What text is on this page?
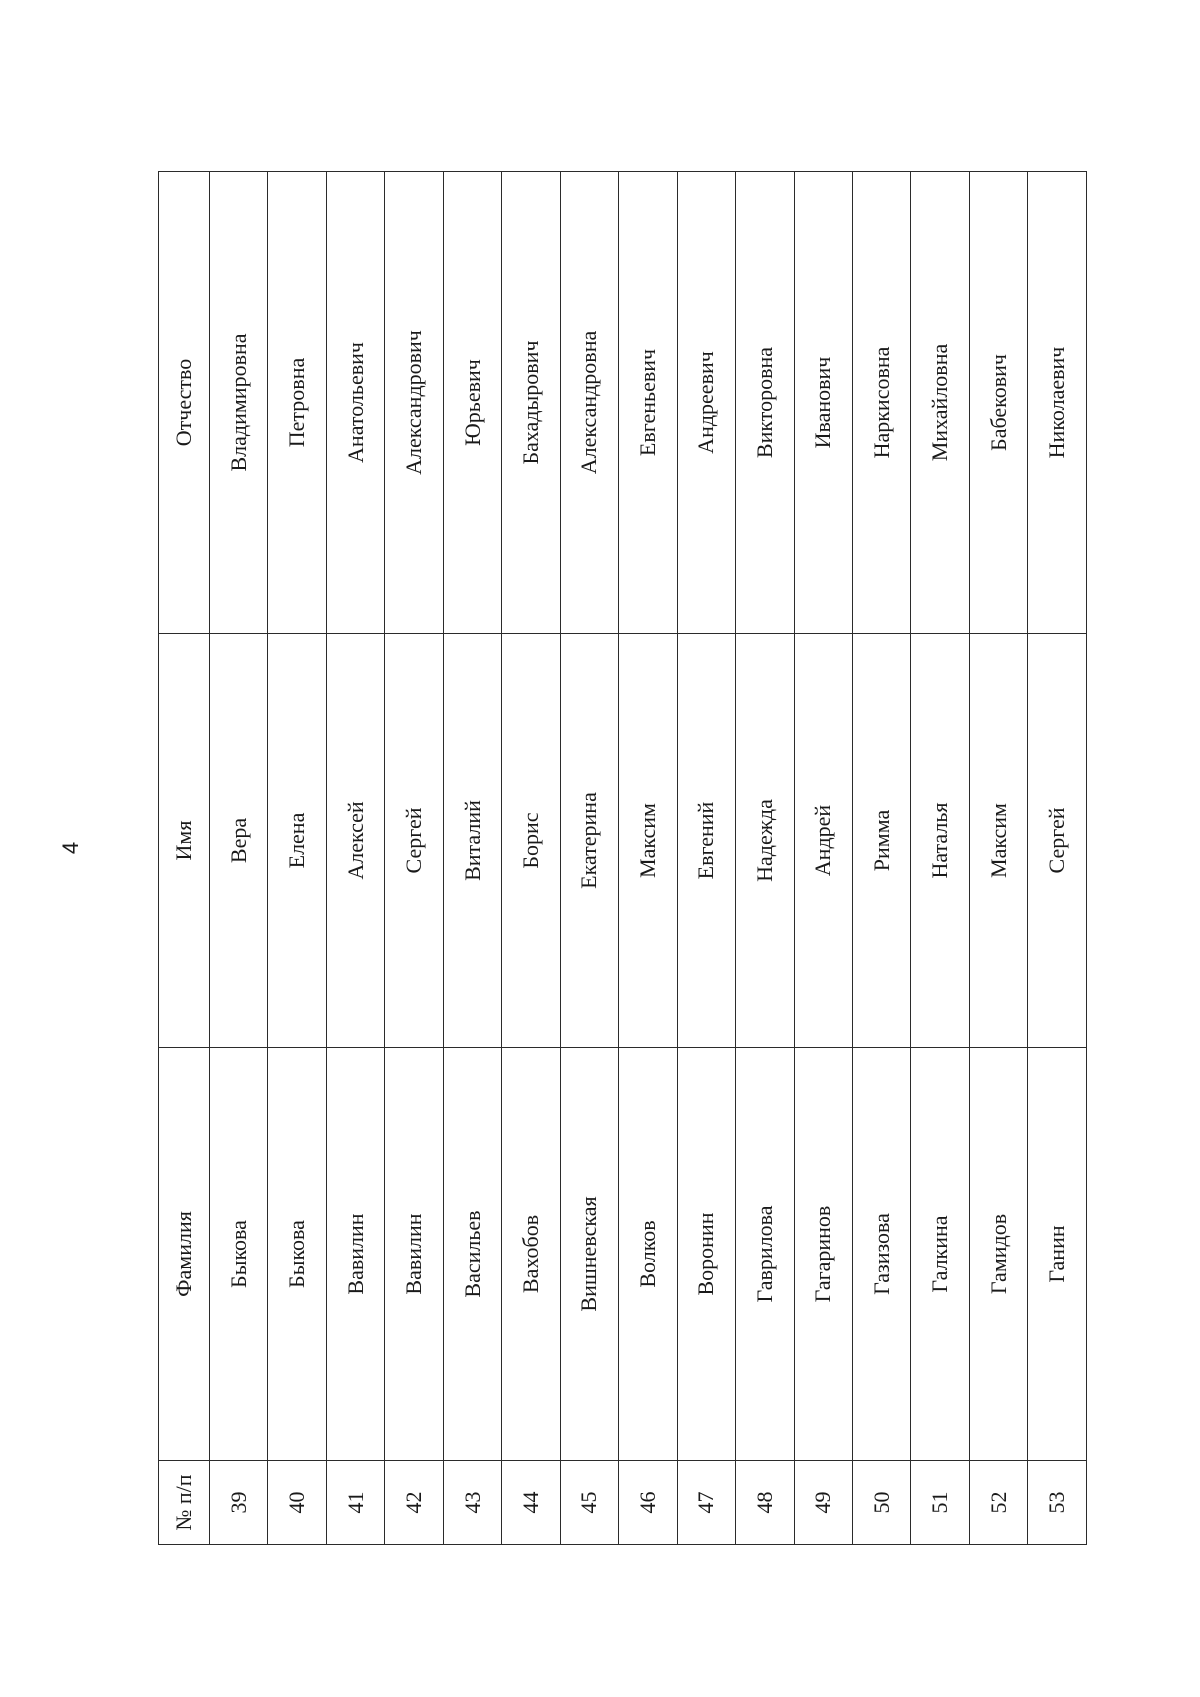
4
№ п/п	Фамилия	Имя	Отчество
39	Быкова	Вера	Владимировна
40	Быкова	Елена	Петровна
41	Вавилин	Алексей	Анатольевич
42	Вавилин	Сергей	Александрович
43	Васильев	Виталий	Юрьевич
44	Вахобов	Борис	Бахадырович
45	Вишневская	Екатерина	Александровна
46	Волков	Максим	Евгеньевич
47	Воронин	Евгений	Андреевич
48	Гаврилова	Надежда	Викторовна
49	Гагаринов	Андрей	Иванович
50	Газизова	Римма	Наркисовна
51	Галкина	Наталья	Михайловна
52	Гамидов	Максим	Бабекович
53	Ганин	Сергей	Николаевич
